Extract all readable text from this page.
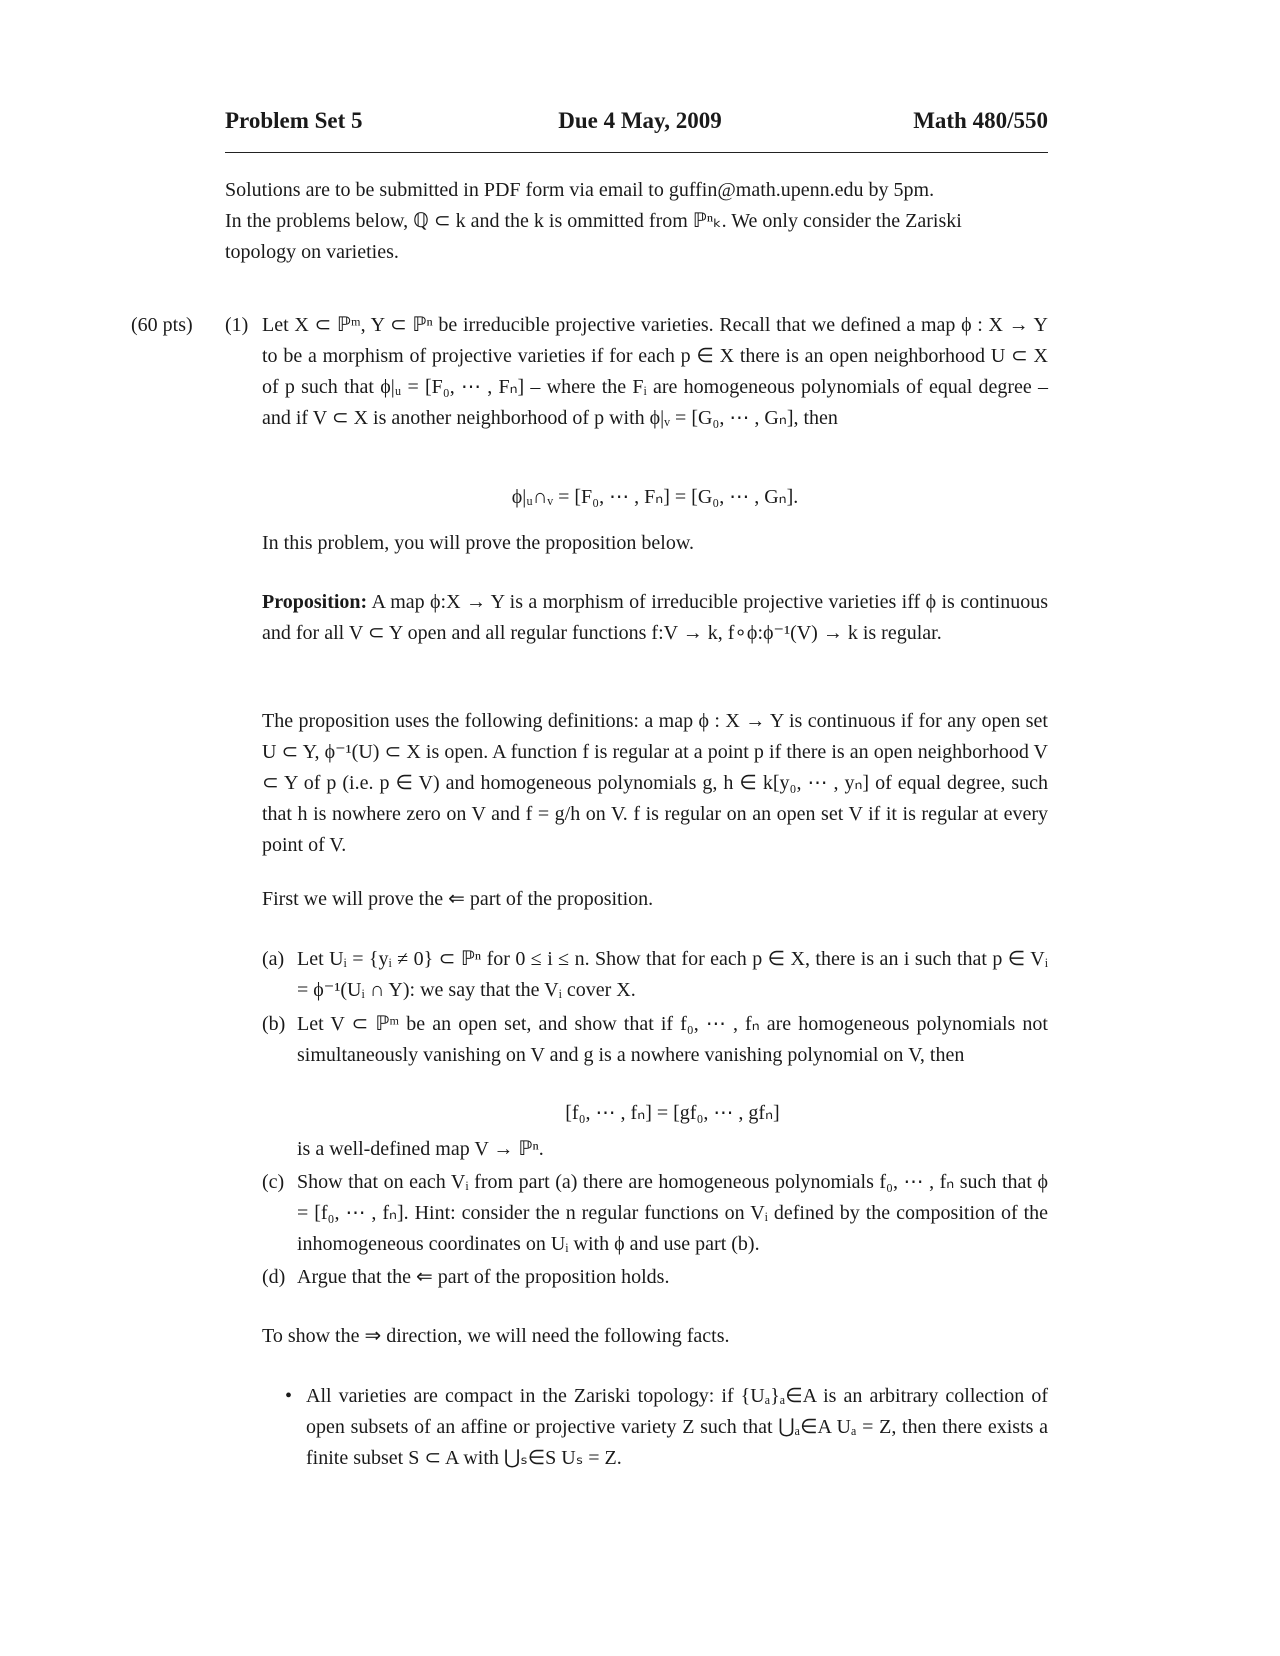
Problem Set 5	Due 4 May, 2009	Math 480/550
Solutions are to be submitted in PDF form via email to guffin@math.upenn.edu by 5pm.
In the problems below, ℚ ⊂ k and the k is ommitted from ℙⁿₖ. We only consider the Zariski
topology on varieties.
(60 pts) (1) Let X ⊂ ℙᵐ, Y ⊂ ℙⁿ be irreducible projective varieties. Recall that we defined a map ϕ : X → Y to be a morphism of projective varieties if for each p ∈ X there is an open neighborhood U ⊂ X of p such that ϕ|ᵤ = [F₀, ⋯ , Fₙ] – where the Fᵢ are homogeneous polynomials of equal degree – and if V ⊂ X is another neighborhood of p with ϕ|ᵥ = [G₀, ⋯ , Gₙ], then
ϕ|ᵤ∩ᵥ = [F₀, ⋯ , Fₙ] = [G₀, ⋯ , Gₙ].
In this problem, you will prove the proposition below.
Proposition: A map ϕ:X → Y is a morphism of irreducible projective varieties iff ϕ is continuous and for all V ⊂ Y open and all regular functions f:V → k, f∘ϕ:ϕ⁻¹(V) → k is regular.
The proposition uses the following definitions: a map ϕ : X → Y is continuous if for any open set U ⊂ Y, ϕ⁻¹(U) ⊂ X is open. A function f is regular at a point p if there is an open neighborhood V ⊂ Y of p (i.e. p ∈ V) and homogeneous polynomials g, h ∈ k[y₀, ⋯ , yₙ] of equal degree, such that h is nowhere zero on V and f = g/h on V. f is regular on an open set V if it is regular at every point of V.
First we will prove the ⇐ part of the proposition.
(a) Let Uᵢ = {yᵢ ≠ 0} ⊂ ℙⁿ for 0 ≤ i ≤ n. Show that for each p ∈ X, there is an i such that p ∈ Vᵢ = ϕ⁻¹(Uᵢ ∩ Y): we say that the Vᵢ cover X.
(b) Let V ⊂ ℙᵐ be an open set, and show that if f₀, ⋯ , fₙ are homogeneous polynomials not simultaneously vanishing on V and g is a nowhere vanishing polynomial on V, then
[f₀, ⋯ , fₙ] = [gf₀, ⋯ , gfₙ]
is a well-defined map V → ℙⁿ.
(c) Show that on each Vᵢ from part (a) there are homogeneous polynomials f₀, ⋯ , fₙ such that ϕ = [f₀, ⋯ , fₙ]. Hint: consider the n regular functions on Vᵢ defined by the composition of the inhomogeneous coordinates on Uᵢ with ϕ and use part (b).
(d) Argue that the ⇐ part of the proposition holds.
To show the ⇒ direction, we will need the following facts.
• All varieties are compact in the Zariski topology: if {Uₐ}ₐ∈A is an arbitrary collection of open subsets of an affine or projective variety Z such that ⋃ₐ∈A Uₐ = Z, then there exists a finite subset S ⊂ A with ⋃ₛ∈S Uₛ = Z.
